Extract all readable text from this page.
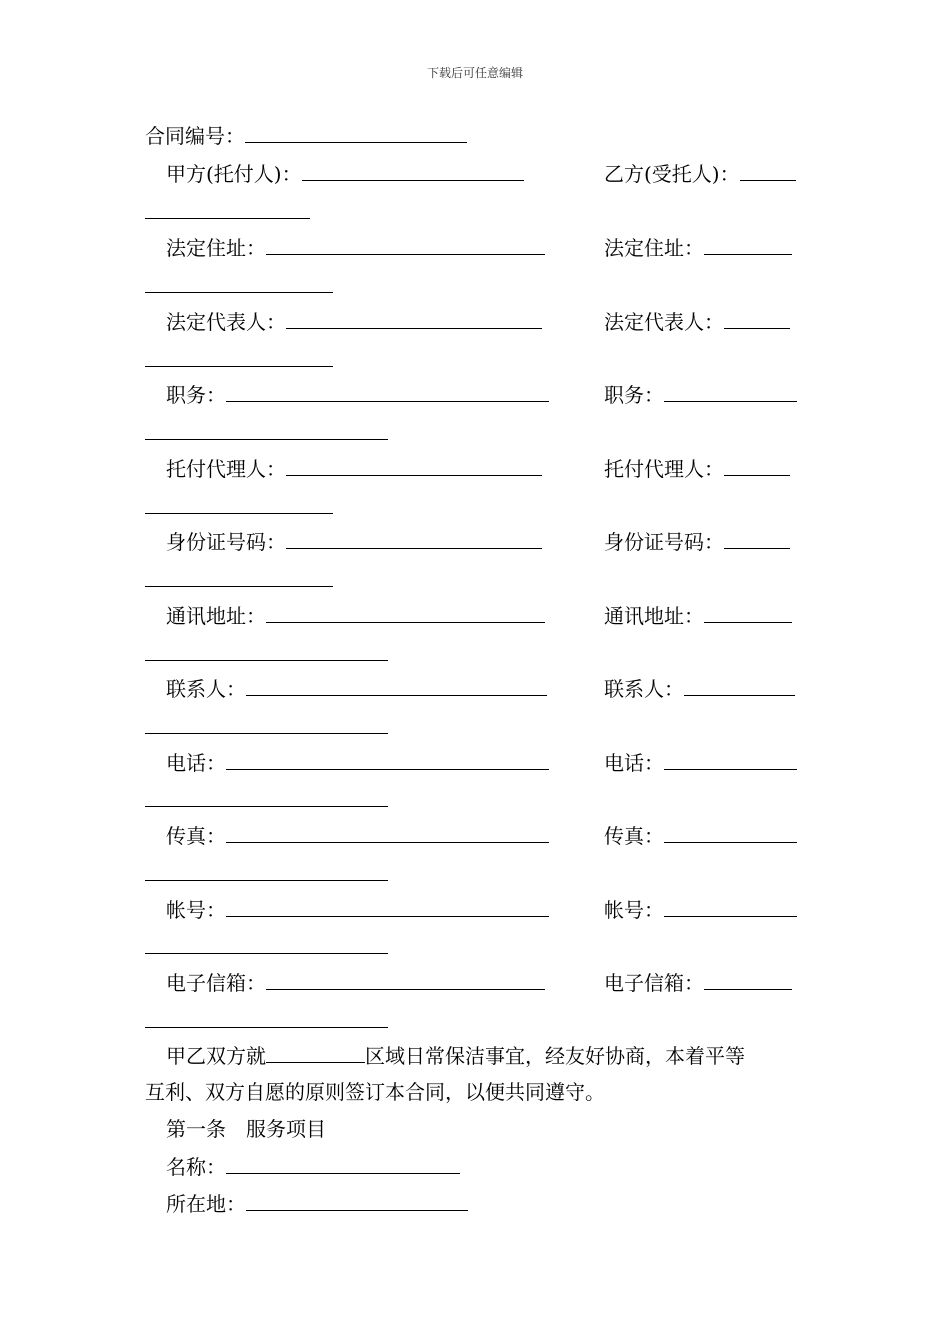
下载后可任意编辑
合同编号：
甲方(托付人)：	乙方(受托人)：
法定住址：	法定住址：
法定代表人：	法定代表人：
职务：	职务：
托付代理人：	托付代理人：
身份证号码：	身份证号码：
通讯地址：	通讯地址：
联系人：	联系人：
电话：	电话：
传真：	传真：
帐号：	帐号：
电子信箱：	电子信箱：
甲乙双方就	区域日常保洁事宜，经友好协商，本着平等
互利、双方自愿的原则签订本合同，以便共同遵守。
第一条　服务项目
名称：
所在地：
